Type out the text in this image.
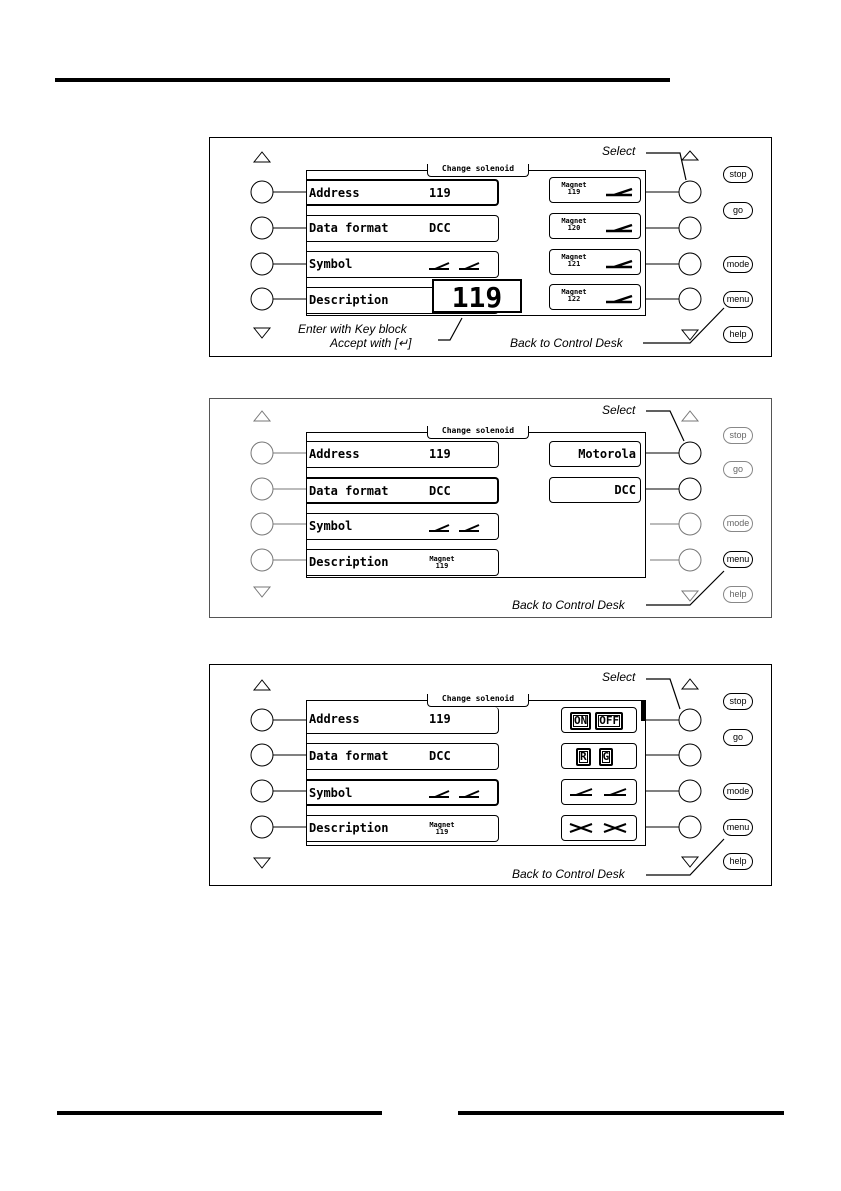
Change solenoid
Address	119
Data format	DCC
Symbol
Description	119
Magnet
119
Magnet
120
Magnet
121
Magnet
122
stop
go
mode
menu
help
Select
Enter with Key block
Accept with [↵]	Back to Control Desk
Change solenoid
Address	119
Data format	DCC
Symbol
Description	Magnet
119
Motorola
DCC
stop
go
mode
menu
help
Select
Back to Control Desk
Change solenoid
Address	119
Data format	DCC
Symbol
Description	Magnet
119
ON OFF
R G
stop
go
mode
menu
help
Select
Back to Control Desk
